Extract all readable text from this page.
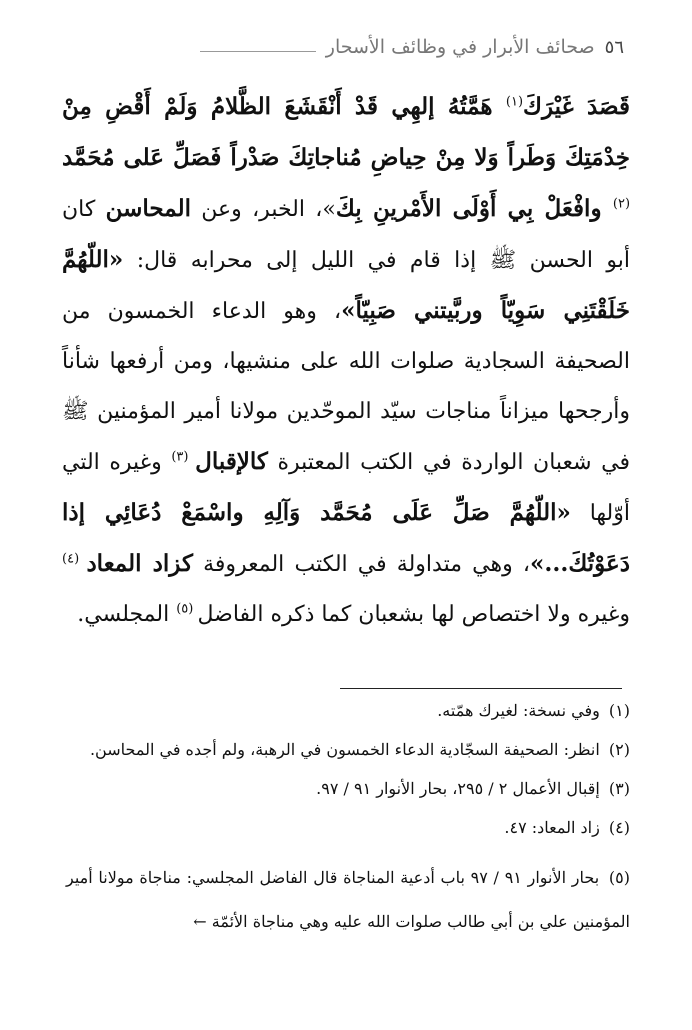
٥٦
صحائف الأبرار في وظائف الأسحار

قَصَدَ غَيْرَكَ$^{(١)}$ هَمَّتُهُ إلهِي قَدْ أَنْقَشَعَ الظَّلامُ وَلَمْ أَقْضِ مِنْ خِدْمَتِكَ وَطَراً وَلا مِنْ حِياضِ مُناجاتِكَ صَدْراً فَصَلِّ عَلى مُحَمَّد $^{(٢)}$ وافْعَلْ بِي أَوْلَى الأَمْرينِ بِكَ»، الخبر، وعن المحاسن كان أبو الحسن ﷺ إذا قام في الليل إلى محرابه قال: «اللّهُمَّ خَلَقْتَنِي سَوِيّاً وربَّيتني صَبِيّاً»، وهو الدعاء الخمسون من الصحيفة السجادية صلوات الله على منشيها، ومن أرفعها شأناً وأرجحها ميزاناً مناجات سيّد الموحّدين مولانا أمير المؤمنين ﷺ في شعبان الواردة في الكتب المعتبرة كالإقبال $^{(٣)}$ وغيره التي أوّلها «اللّهُمَّ صَلِّ عَلَى مُحَمَّد وَآلِهِ واسْمَعْ دُعَائِي إذا دَعَوْتُكَ...»، وهي متداولة في الكتب المعروفة كزاد المعاد $^{(٤)}$ وغيره ولا اختصاص لها بشعبان كما ذكره الفاضل $^{(٥)}$ المجلسي.

(١) وفي نسخة: لغيرك همّته.

(٢) انظر: الصحيفة السجّادية الدعاء الخمسون في الرهبة، ولم أجده في المحاسن.

(٣) إقبال الأعمال ٢ / ٢٩٥، بحار الأنوار ٩١ / ٩٧.

(٤) زاد المعاد: ٤٧.

(٥) بحار الأنوار ٩١ / ٩٧ باب أدعية المناجاة قال الفاضل المجلسي: مناجاة مولانا أمير المؤمنين علي بن أبي طالب صلوات الله عليه وهي مناجاة الأئمّة ←
